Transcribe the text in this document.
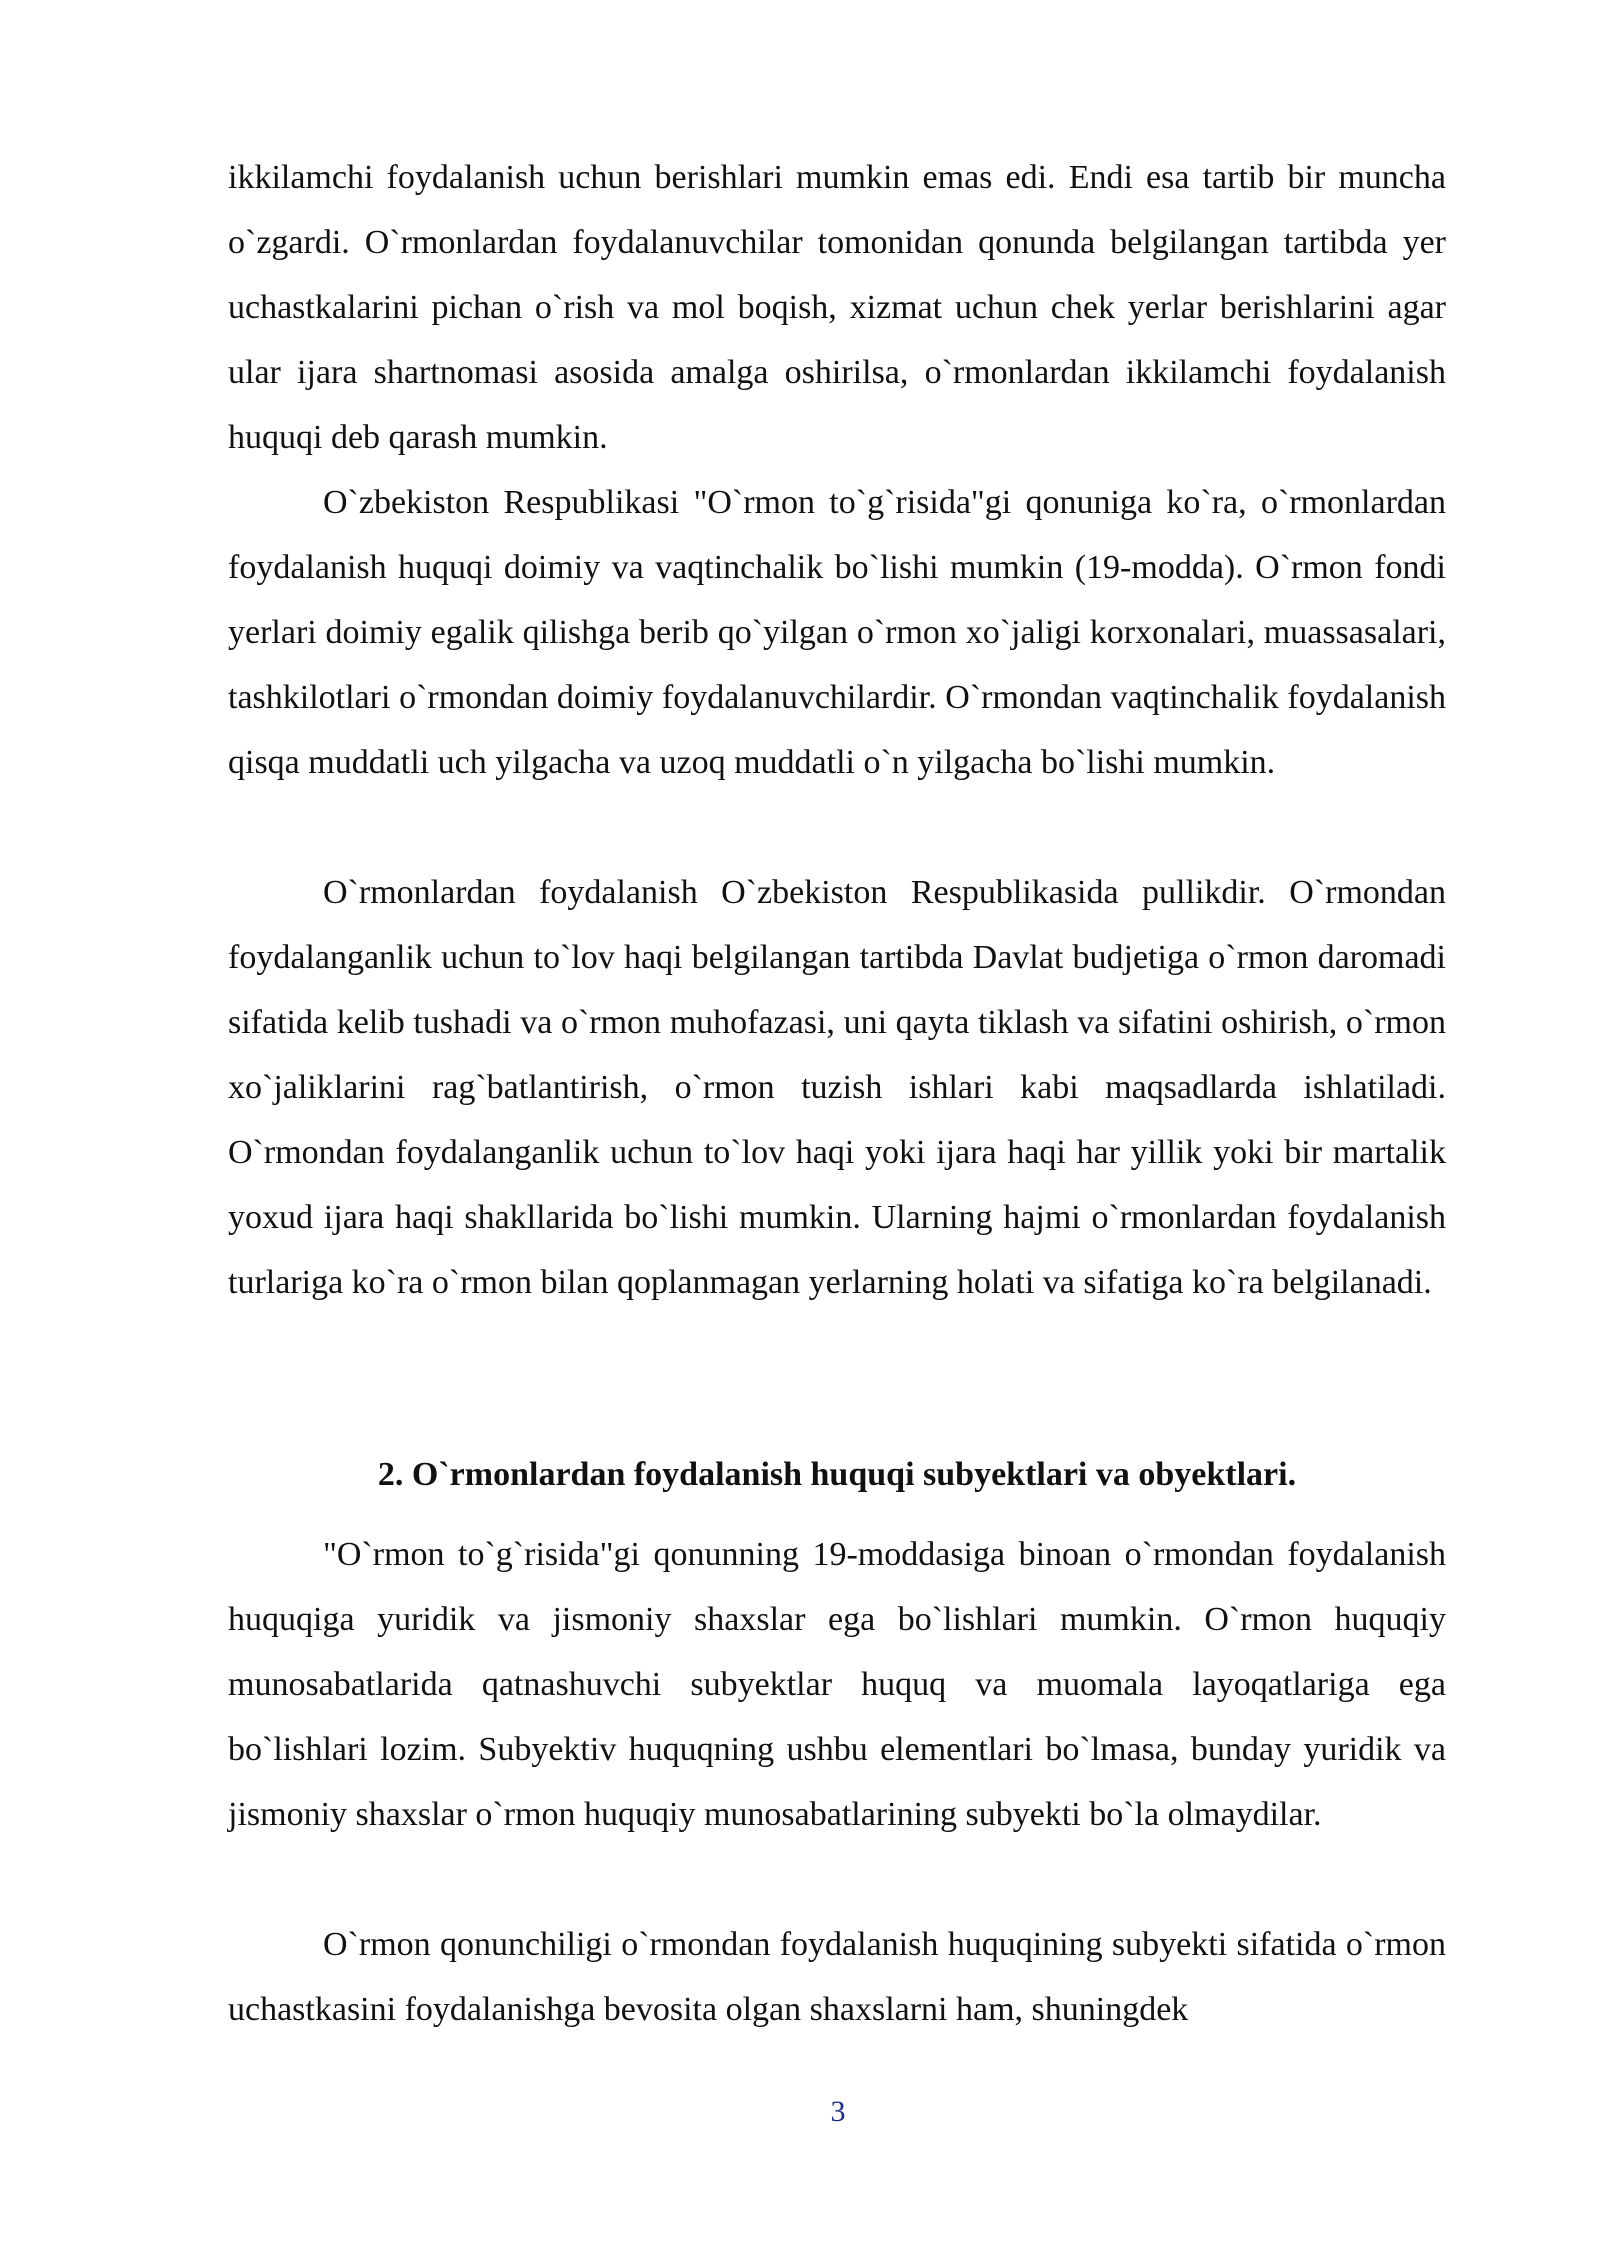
ikkilamchi foydalanish uchun berishlari mumkin emas edi. Endi esa tartib bir muncha o`zgardi. O`rmonlardan foydalanuvchilar tomonidan qonunda belgilangan tartibda yer uchastkalarini pichan o`rish va mol boqish, xizmat uchun chek yerlar berishlarini agar ular ijara shartnomasi asosida amalga oshirilsa, o`rmonlardan ikkilamchi foydalanish huquqi deb qarash mumkin.

O`zbekiston Respublikasi "O`rmon to`g`risida"gi qonuniga ko`ra, o`rmonlardan foydalanish huquqi doimiy va vaqtinchalik bo`lishi mumkin (19-modda). O`rmon fondi yerlari doimiy egalik qilishga berib qo`yilgan o`rmon xo`jaligi korxonalari, muassasalari, tashkilotlari o`rmondan doimiy foydalanuvchilardir. O`rmondan vaqtinchalik foydalanish qisqa muddatli uch yilgacha va uzoq muddatli o`n yilgacha bo`lishi mumkin.

O`rmonlardan foydalanish O`zbekiston Respublikasida pullikdir. O`rmondan foydalanganlik uchun to`lov haqi belgilangan tartibda Davlat budjetiga o`rmon daromadi sifatida kelib tushadi va o`rmon muhofazasi, uni qayta tiklash va sifatini oshirish, o`rmon xo`jaliklarini rag`batlantirish, o`rmon tuzish ishlari kabi maqsadlarda ishlatiladi. O`rmondan foydalanganlik uchun to`lov haqi yoki ijara haqi har yillik yoki bir martalik yoxud ijara haqi shakllarida bo`lishi mumkin. Ularning hajmi o`rmonlardan foydalanish turlariga ko`ra o`rmon bilan qoplanmagan yerlarning holati va sifatiga ko`ra belgilanadi.

2. O`rmonlardan foydalanish huquqi subyektlari va obyektlari.

"O`rmon to`g`risida"gi qonunning 19-moddasiga binoan o`rmondan foydalanish huquqiga yuridik va jismoniy shaxslar ega bo`lishlari mumkin. O`rmon huquqiy munosabatlarida qatnashuvchi subyektlar huquq va muomala layoqatlariga ega bo`lishlari lozim. Subyektiv huquqning ushbu elementlari bo`lmasa, bunday yuridik va jismoniy shaxslar o`rmon huquqiy munosabatlarining subyekti bo`la olmaydilar.

O`rmon qonunchiligi o`rmondan foydalanish huquqining subyekti sifatida o`rmon uchastkasini foydalanishga bevosita olgan shaxslarni ham, shuningdek

3
